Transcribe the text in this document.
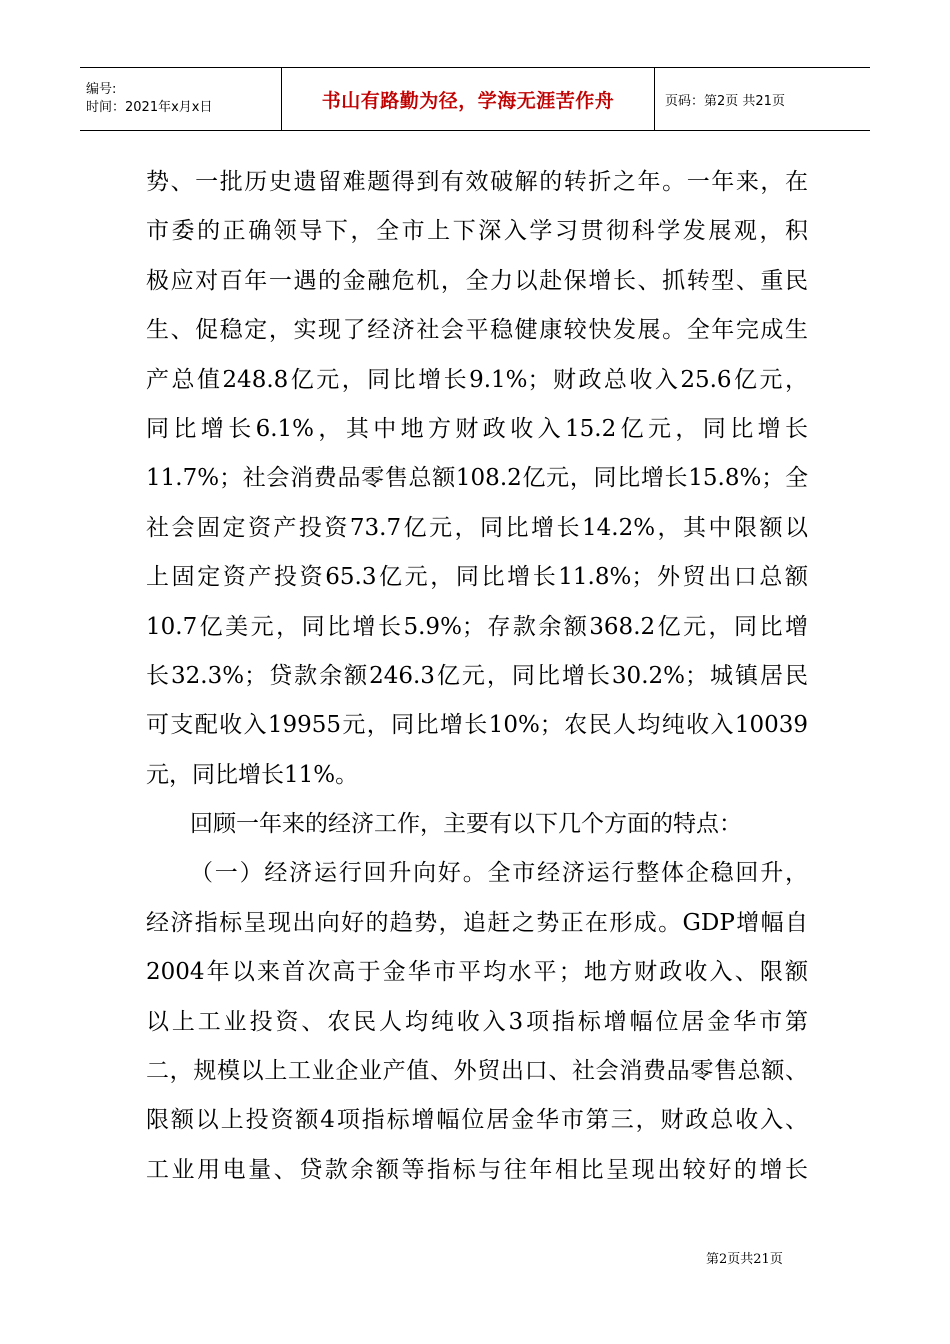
编号:
时间：2021年x月x日	书山有路勤为径，学海无涯苦作舟	页码：第2页 共21页
势、一批历史遗留难题得到有效破解的转折之年。一年来，在
市委的正确领导下，全市上下深入学习贯彻科学发展观，积
极应对百年一遇的金融危机，全力以赴保增长、抓转型、重民
生、促稳定，实现了经济社会平稳健康较快发展。全年完成生
产总值248.8亿元，同比增长9.1%；财政总收入25.6亿元，
同比增长6.1%，其中地方财政收入15.2亿元，同比增长
11.7%；社会消费品零售总额108.2亿元，同比增长15.8%；全
社会固定资产投资73.7亿元，同比增长14.2%，其中限额以
上固定资产投资65.3亿元，同比增长11.8%；外贸出口总额
10.7亿美元，同比增长5.9%；存款余额368.2亿元，同比增
长32.3%；贷款余额246.3亿元，同比增长30.2%；城镇居民
可支配收入19955元，同比增长10%；农民人均纯收入10039
元，同比增长11%。
回顾一年来的经济工作，主要有以下几个方面的特点：
（一）经济运行回升向好。全市经济运行整体企稳回升，
经济指标呈现出向好的趋势，追赶之势正在形成。GDP增幅自
2004年以来首次高于金华市平均水平；地方财政收入、限额
以上工业投资、农民人均纯收入3项指标增幅位居金华市第
二，规模以上工业企业产值、外贸出口、社会消费品零售总额、
限额以上投资额4项指标增幅位居金华市第三，财政总收入、
工业用电量、贷款余额等指标与往年相比呈现出较好的增长
第2页共21页
